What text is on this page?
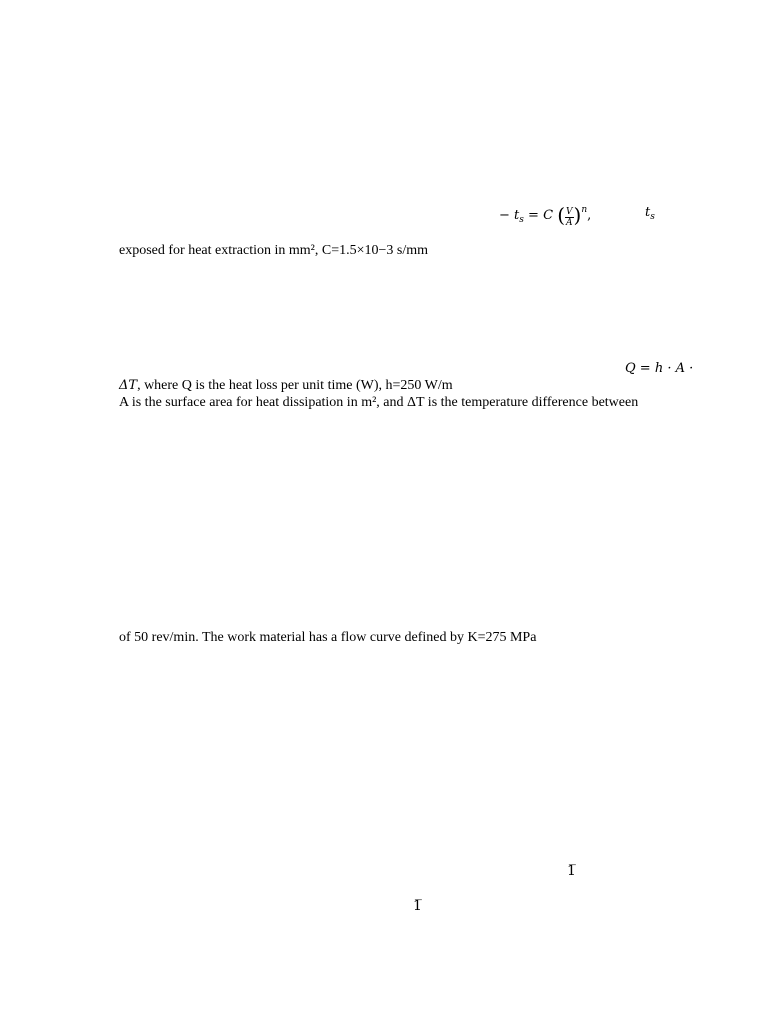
− $t_s = C$ ( $\frac{V}{A} )^n$,	$t_s$
exposed for heat extraction in mm², C=1.5×10−3 s/mm
Q = h · A ·
ΔT, where Q is the heat loss per unit time (W), h=250 W/m
A is the surface area for heat dissipation in m², and ΔT is the temperature difference between
of 50 rev/min. The work material has a flow curve defined by K=275 MPa
1̅
1̅
